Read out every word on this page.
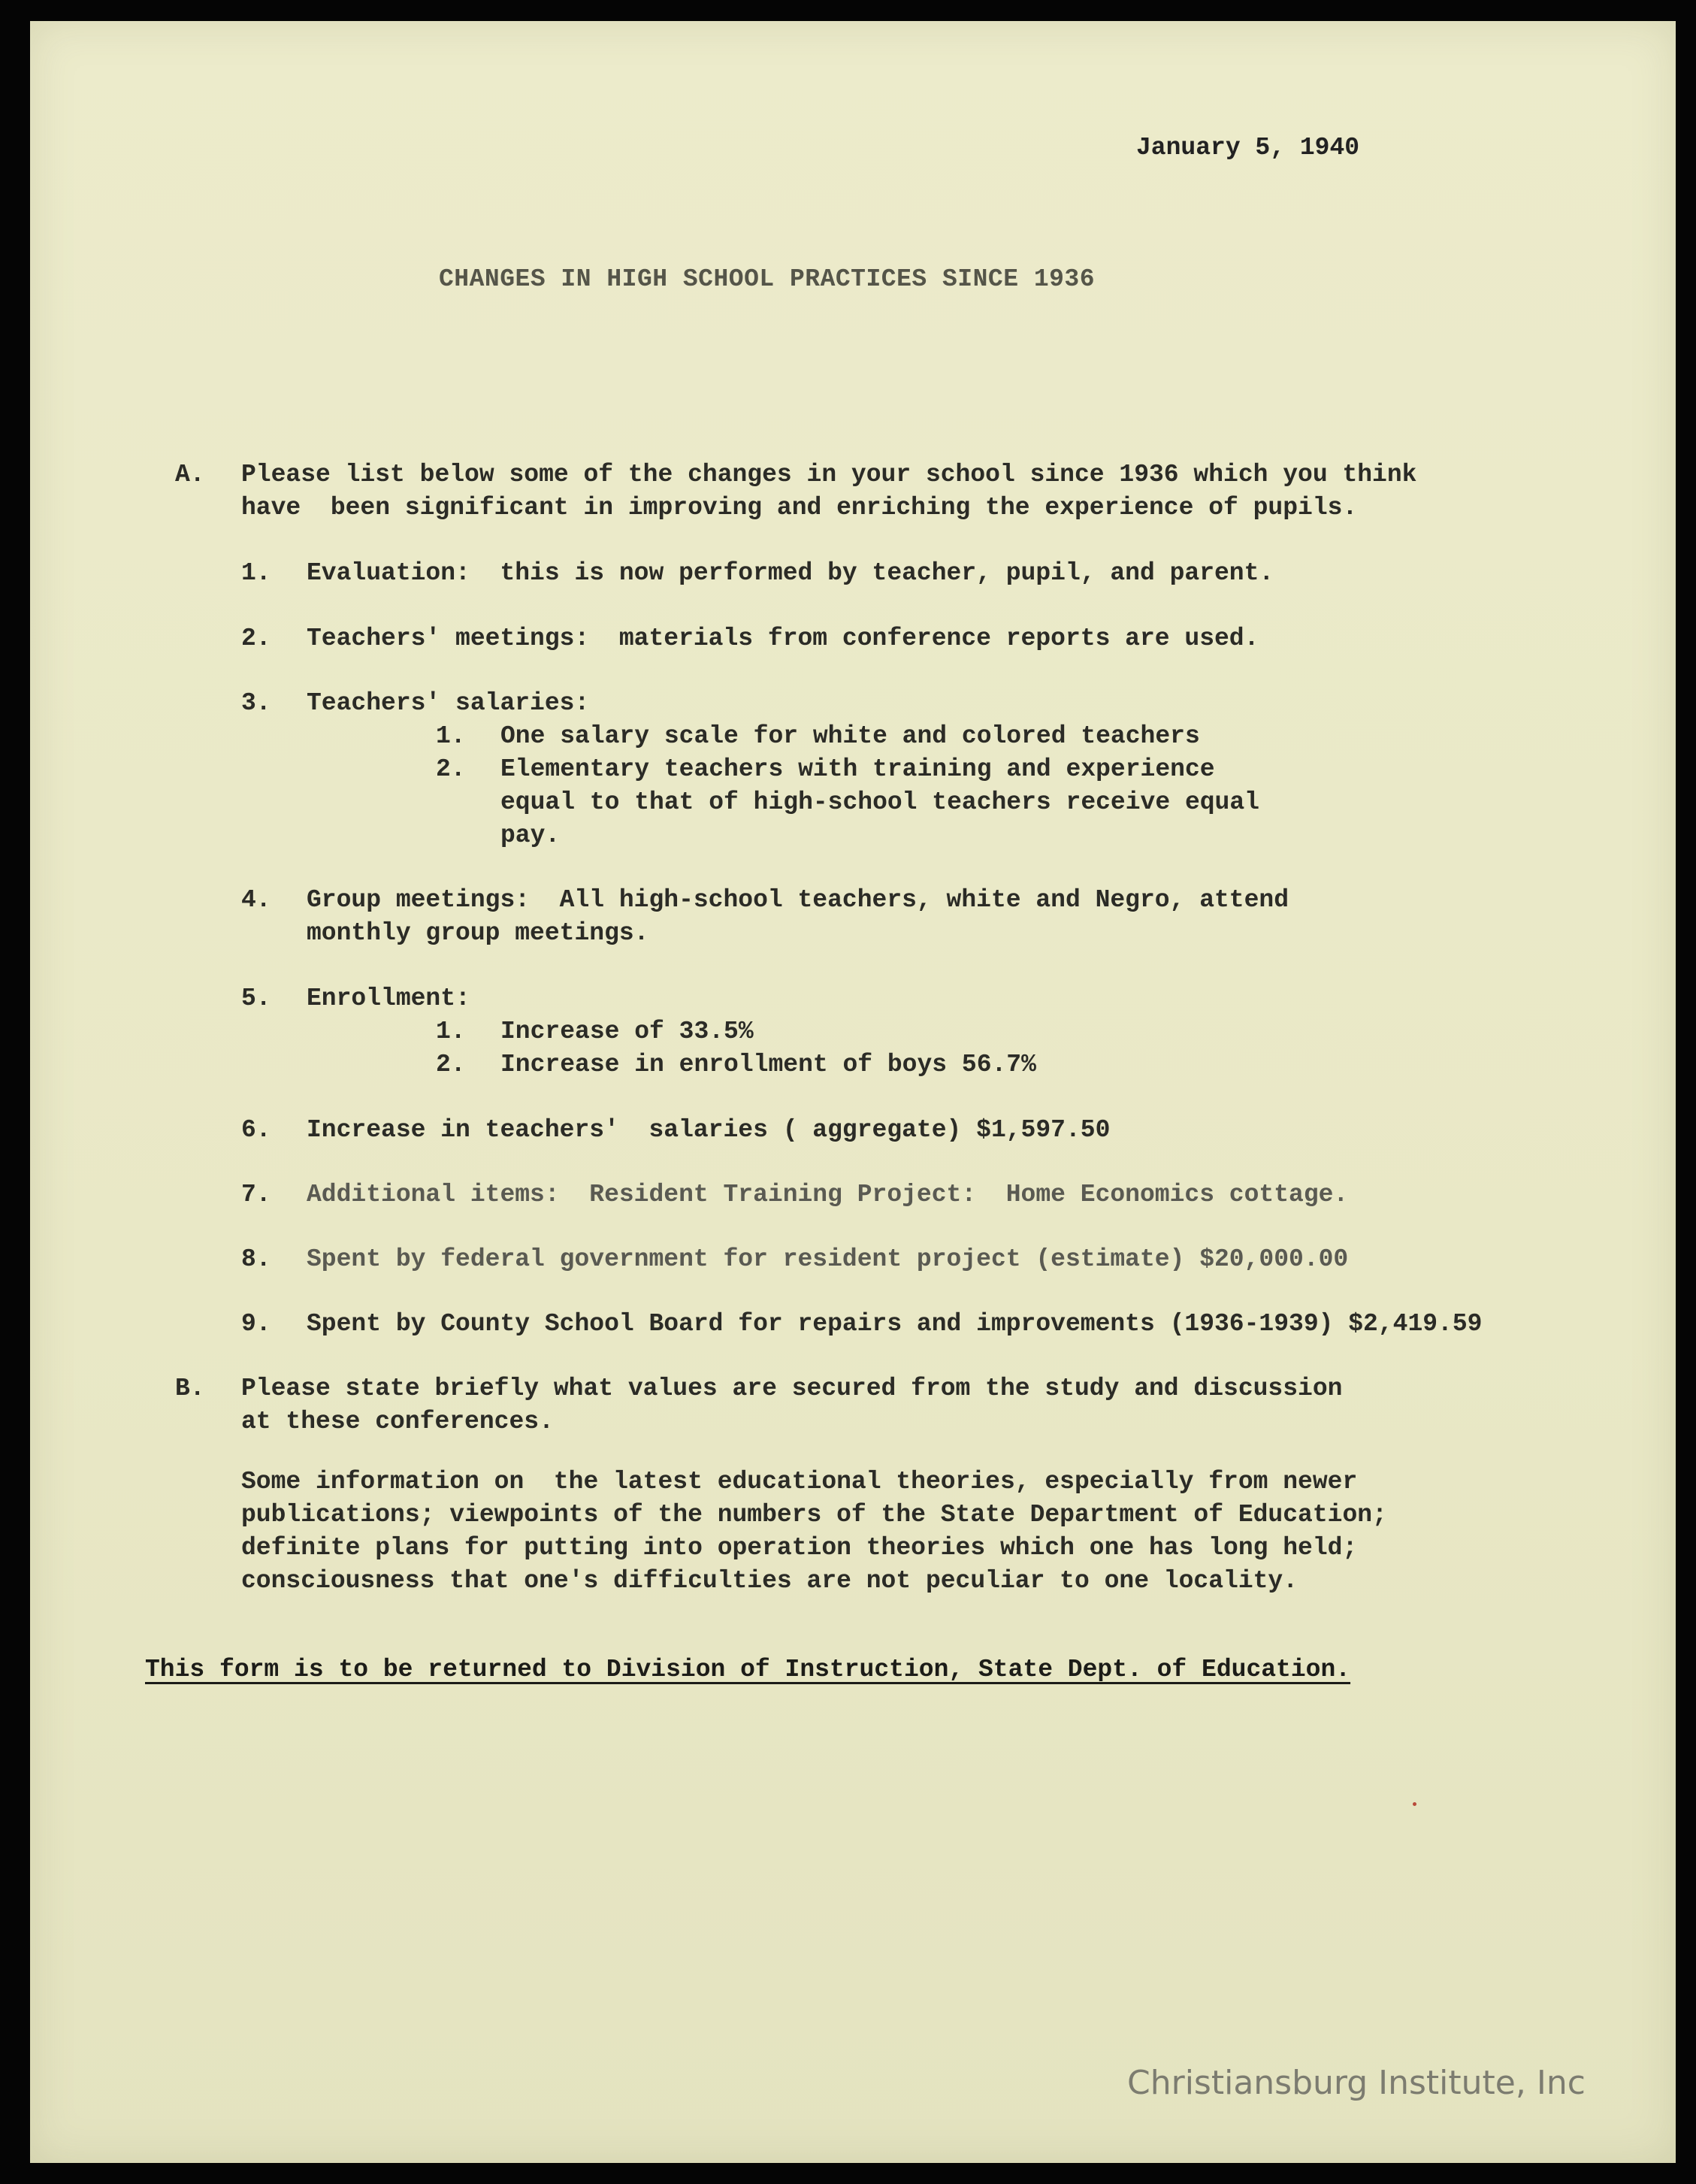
January 5, 1940
CHANGES IN HIGH SCHOOL PRACTICES SINCE 1936
A.	Please list below some of the changes in your school since 1936 which you think
have  been significant in improving and enriching the experience of pupils.
1. Evaluation:  this is now performed by teacher, pupil, and parent.
2. Teachers' meetings:  materials from conference reports are used.
3. Teachers' salaries:
1. One salary scale for white and colored teachers
2. Elementary teachers with training and experience
equal to that of high-school teachers receive equal
pay.
4. Group meetings:  All high-school teachers, white and Negro, attend
monthly group meetings.
5. Enrollment:
1. Increase of 33.5%
2. Increase in enrollment of boys 56.7%
6. Increase in teachers'  salaries ( aggregate) $1,597.50
7. Additional items:  Resident Training Project:  Home Economics cottage.
8. Spent by federal government for resident project (estimate) $20,000.00
9. Spent by County School Board for repairs and improvements (1936-1939) $2,419.59
B.	Please state briefly what values are secured from the study and discussion
at these conferences.
Some information on  the latest educational theories, especially from newer
publications; viewpoints of the numbers of the State Department of Education;
definite plans for putting into operation theories which one has long held;
consciousness that one's difficulties are not peculiar to one locality.
This form is to be returned to Division of Instruction, State Dept. of Education.
Christiansburg Institute, Inc
